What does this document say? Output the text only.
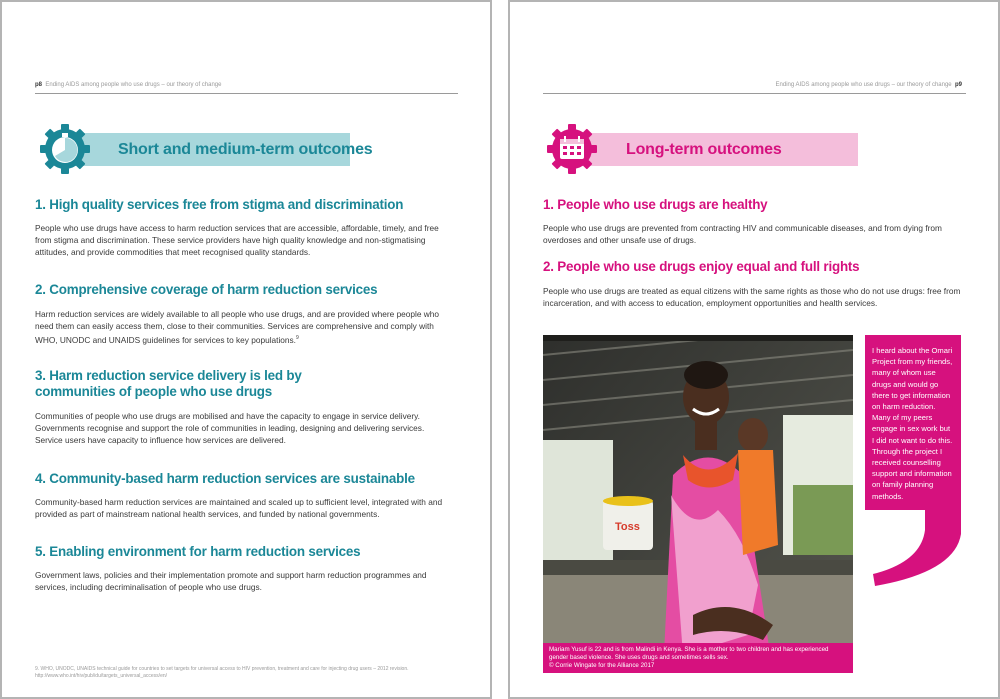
p8 Ending AIDS among people who use drugs – our theory of change
Short and medium-term outcomes
1. High quality services free from stigma and discrimination

People who use drugs have access to harm reduction services that are accessible, affordable, timely, and free from stigma and discrimination. These service providers have high quality knowledge and non-stigmatising attitudes, and provide commodities that meet recognised quality standards.

2. Comprehensive coverage of harm reduction services

Harm reduction services are widely available to all people who use drugs, and are provided where people who need them can easily access them, close to their communities. Services are comprehensive and comply with WHO, UNODC and UNAIDS guidelines for services to key populations.$^9$

3. Harm reduction service delivery is led by communities of people who use drugs

Communities of people who use drugs are mobilised and have the capacity to engage in service delivery. Governments recognise and support the role of communities in leading, designing and delivering services. Service users have capacity to influence how services are delivered.

4. Community-based harm reduction services are sustainable

Community-based harm reduction services are maintained and scaled up to sufficient level, integrated with and provided as part of mainstream national health services, and funded by national governments.

5. Enabling environment for harm reduction services

Government laws, policies and their implementation promote and support harm reduction programmes and services, including decriminalisation of people who use drugs.

9. WHO, UNODC, UNAIDS technical guide for countries to set targets for universal access to HIV prevention, treatment and care for injecting drug users – 2012 revision. http://www.who.int/hiv/pub/idu/targets_universal_access/en/

Ending AIDS among people who use drugs – our theory of change p9
Long-term outcomes
1. People who use drugs are healthy

People who use drugs are prevented from contracting HIV and communicable diseases, and from dying from overdoses and other unsafe use of drugs.

2. People who use drugs enjoy equal and full rights

People who use drugs are treated as equal citizens with the same rights as those who do not use drugs: free from incarceration, and with access to education, employment opportunities and health services.

Toss
Mariam Yusuf is 22 and is from Malindi in Kenya. She is a mother to two children and has experienced gender based violence. She uses drugs and sometimes sells sex.
© Corrie Wingate for the Alliance 2017
I heard about the Omari Project from my friends, many of whom use drugs and would go there to get information on harm reduction. Many of my peers engage in sex work but I did not want to do this. Through the project I received counselling support and information on family planning methods.
Mariam Yusuf
